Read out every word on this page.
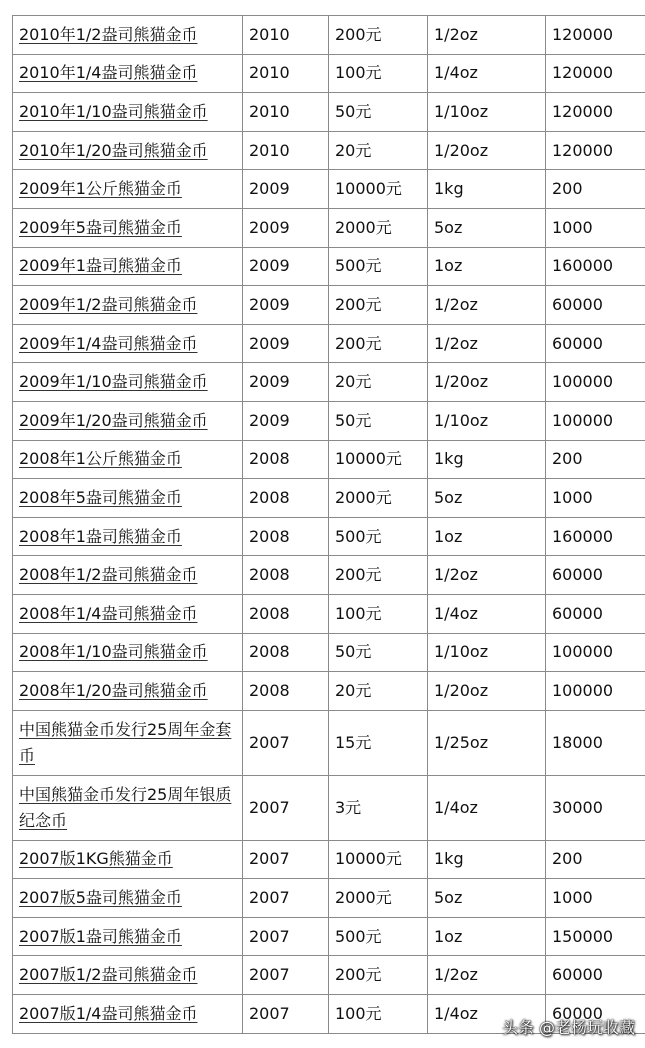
2010年1/2盎司熊猫金币	2010	200元	1/2oz	120000
2010年1/4盎司熊猫金币	2010	100元	1/4oz	120000
2010年1/10盎司熊猫金币	2010	50元	1/10oz	120000
2010年1/20盎司熊猫金币	2010	20元	1/20oz	120000
2009年1公斤熊猫金币	2009	10000元	1kg	200
2009年5盎司熊猫金币	2009	2000元	5oz	1000
2009年1盎司熊猫金币	2009	500元	1oz	160000
2009年1/2盎司熊猫金币	2009	200元	1/2oz	60000
2009年1/4盎司熊猫金币	2009	200元	1/2oz	60000
2009年1/10盎司熊猫金币	2009	20元	1/20oz	100000
2009年1/20盎司熊猫金币	2009	50元	1/10oz	100000
2008年1公斤熊猫金币	2008	10000元	1kg	200
2008年5盎司熊猫金币	2008	2000元	5oz	1000
2008年1盎司熊猫金币	2008	500元	1oz	160000
2008年1/2盎司熊猫金币	2008	200元	1/2oz	60000
2008年1/4盎司熊猫金币	2008	100元	1/4oz	60000
2008年1/10盎司熊猫金币	2008	50元	1/10oz	100000
2008年1/20盎司熊猫金币	2008	20元	1/20oz	100000
中国熊猫金币发行25周年金套币	2007	15元	1/25oz	18000
中国熊猫金币发行25周年银质纪念币	2007	3元	1/4oz	30000
2007版1KG熊猫金币	2007	10000元	1kg	200
2007版5盎司熊猫金币	2007	2000元	5oz	1000
2007版1盎司熊猫金币	2007	500元	1oz	150000
2007版1/2盎司熊猫金币	2007	200元	1/2oz	60000
2007版1/4盎司熊猫金币	2007	100元	1/4oz	60000
头条 @老杨玩收藏
